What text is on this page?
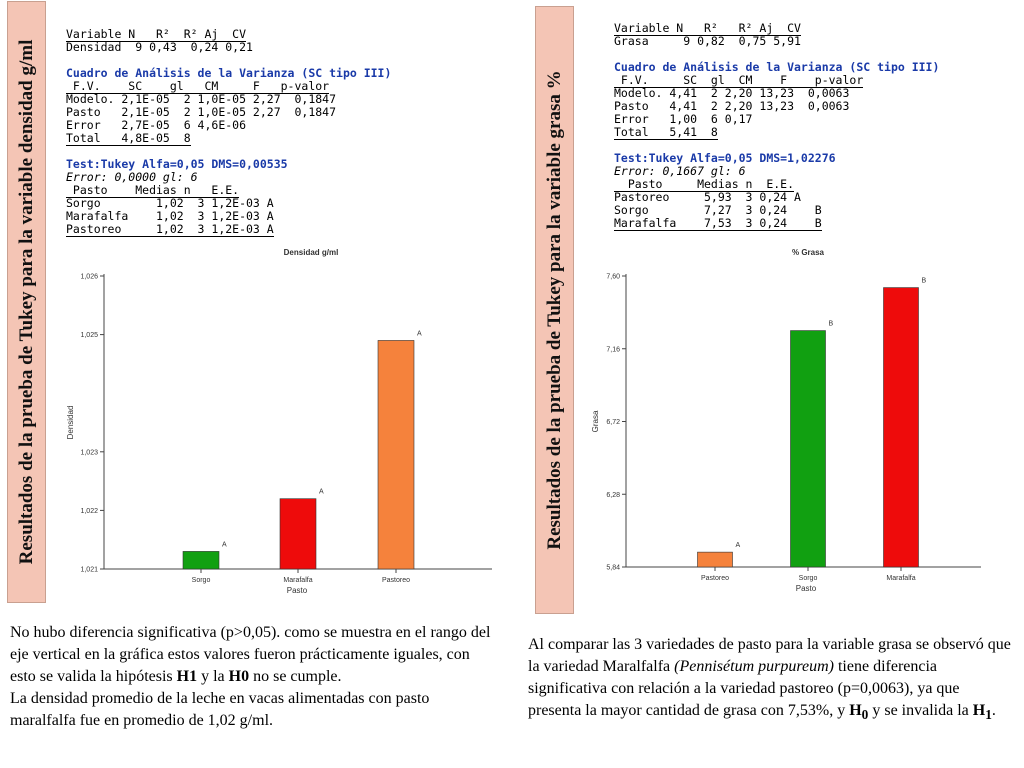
Resultados de la prueba de Tukey para la variable densidad g/ml
Variable N   R²  R² Aj  CV
Densidad  9 0,43  0,24 0,21
Cuadro de Análisis de la Varianza (SC tipo III)
F.V.    SC    gl   CM     F   p-valor
Modelo. 2,1E-05  2 1,0E-05 2,27  0,1847
Pasto   2,1E-05  2 1,0E-05 2,27  0,1847
Error   2,7E-05  6 4,6E-06
Total   4,8E-05  8
Test:Tukey Alfa=0,05 DMS=0,00535
Error: 0,0000 gl: 6
Pasto    Medias n   E.E.
Sorgo        1,02  3 1,2E-03 A
Marafalfa    1,02  3 1,2E-03 A
Pastoreo     1,02  3 1,2E-03 A
Densidad g/ml
1,021
1,022
1,023
1,025
1,026
Densidad
A
Sorgo
A
Marafalfa
A
Pastoreo
Pasto
No hubo diferencia significativa (p>0,05). como se muestra en el rango del eje vertical en la gráfica estos valores fueron prácticamente iguales, con esto se valida la hipótesis H1 y la H0 no se cumple.
La densidad promedio de la leche en vacas alimentadas con pasto maralfalfa fue en promedio de 1,02 g/ml.
Resultados de la prueba de Tukey para la variable grasa %
Variable N   R²   R² Aj  CV
Grasa     9 0,82  0,75 5,91
Cuadro de Análisis de la Varianza (SC tipo III)
F.V.     SC  gl  CM    F    p-valor
Modelo. 4,41  2 2,20 13,23  0,0063
Pasto   4,41  2 2,20 13,23  0,0063
Error   1,00  6 0,17
Total   5,41  8
Test:Tukey Alfa=0,05 DMS=1,02276
Error: 0,1667 gl: 6
Pasto     Medias n  E.E.
Pastoreo     5,93  3 0,24 A
Sorgo        7,27  3 0,24    B
Marafalfa    7,53  3 0,24    B
% Grasa
5,84
6,28
6,72
7,16
7,60
Grasa
A
Pastoreo
B
Sorgo
B
Marafalfa
Pasto
Al comparar las 3 variedades de pasto para la variable grasa se observó que la variedad Maralfalfa (Pennisétum purpureum) tiene diferencia significativa con relación a la variedad pastoreo (p=0,0063), ya que presenta la mayor cantidad de grasa con 7,53%, y $H_0$ y se invalida la $H_1$.
